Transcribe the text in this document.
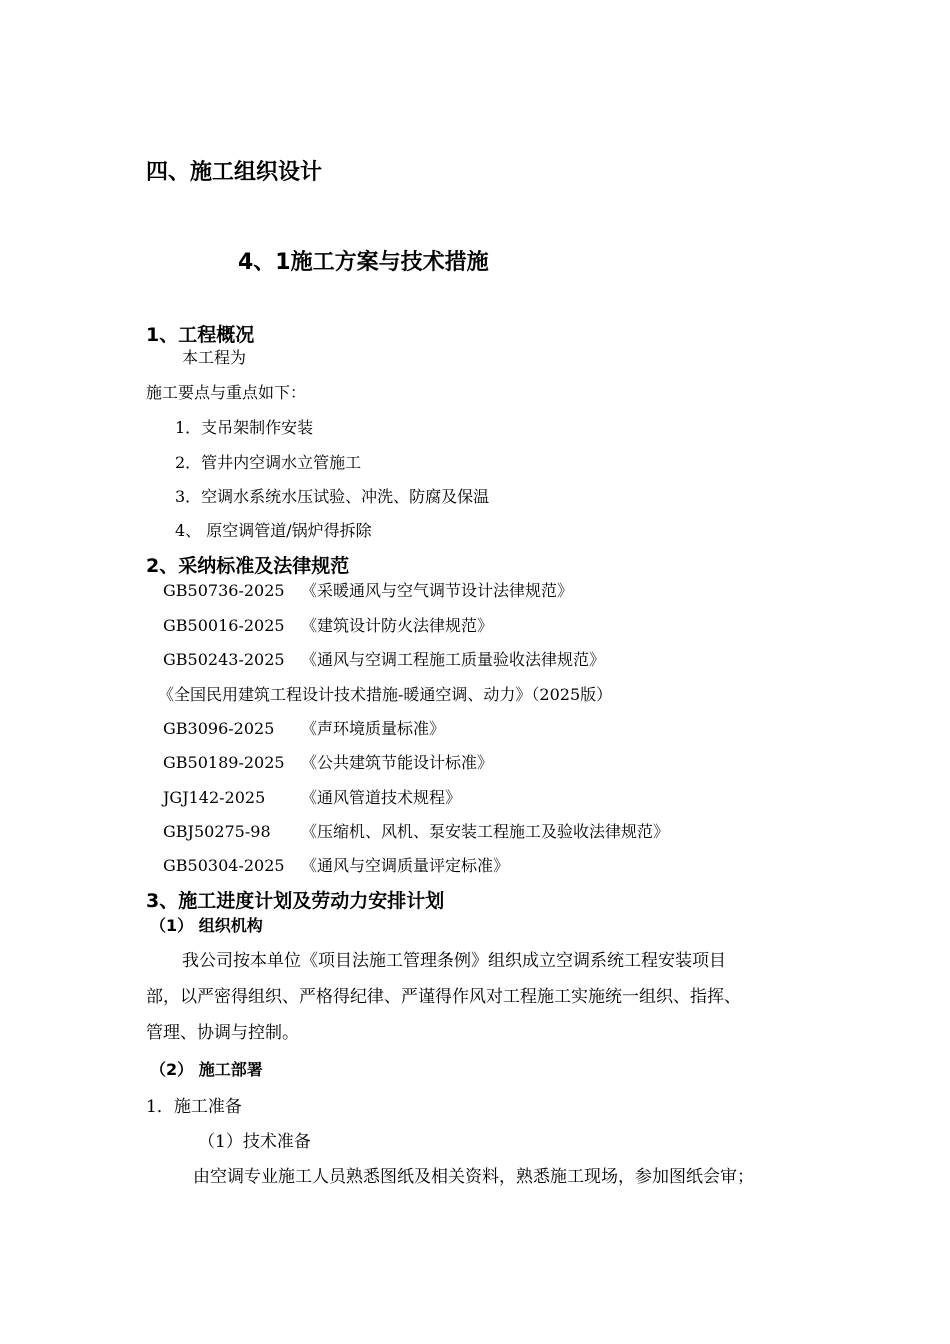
四、施工组织设计
4、1施工方案与技术措施
1、工程概况
本工程为
施工要点与重点如下：
1．支吊架制作安装
2．管井内空调水立管施工
3．空调水系统水压试验、冲洗、防腐及保温
4、 原空调管道/锅炉得拆除
2、采纳标准及法律规范
GB50736-2025 《采暖通风与空气调节设计法律规范》
GB50016-2025 《建筑设计防火法律规范》
GB50243-2025 《通风与空调工程施工质量验收法律规范》
《全国民用建筑工程设计技术措施-暖通空调、动力》（2025版）
GB3096-2025 《声环境质量标准》
GB50189-2025 《公共建筑节能设计标准》
JGJ142-2025 《通风管道技术规程》
GBJ50275-98 《压缩机、风机、泵安装工程施工及验收法律规范》
GB50304-2025 《通风与空调质量评定标准》
3、施工进度计划及劳动力安排计划
（1） 组织机构
我公司按本单位《项目法施工管理条例》组织成立空调系统工程安装项目
部，以严密得组织、严格得纪律、严谨得作风对工程施工实施统一组织、指挥、
管理、协调与控制。
（2） 施工部署
1．施工准备
（1）技术准备
由空调专业施工人员熟悉图纸及相关资料，熟悉施工现场，参加图纸会审；
